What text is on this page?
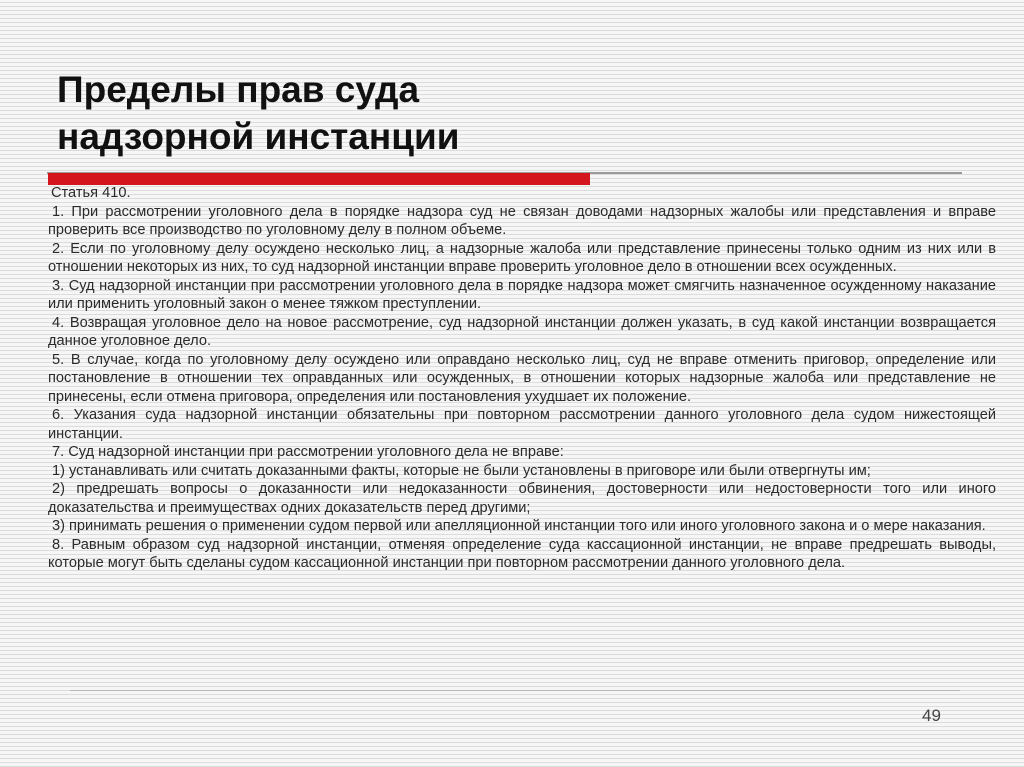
Пределы прав суда
надзорной инстанции

Статья 410.

1. При рассмотрении уголовного дела в порядке надзора суд не связан доводами надзорных жалобы или представления и вправе проверить все производство по уголовному делу в полном объеме.

2. Если по уголовному делу осуждено несколько лиц, а надзорные жалоба или представление принесены только одним из них или в отношении некоторых из них, то суд надзорной инстанции вправе проверить уголовное дело в отношении всех осужденных.

3. Суд надзорной инстанции при рассмотрении уголовного дела в порядке надзора может смягчить назначенное осужденному наказание или применить уголовный закон о менее тяжком преступлении.

4. Возвращая уголовное дело на новое рассмотрение, суд надзорной инстанции должен указать, в суд какой инстанции возвращается данное уголовное дело.

5. В случае, когда по уголовному делу осуждено или оправдано несколько лиц, суд не вправе отменить приговор, определение или постановление в отношении тех оправданных или осужденных, в отношении которых надзорные жалоба или представление не принесены, если отмена приговора, определения или постановления ухудшает их положение.

6. Указания суда надзорной инстанции обязательны при повторном рассмотрении данного уголовного дела судом нижестоящей инстанции.

7. Суд надзорной инстанции при рассмотрении уголовного дела не вправе:

1) устанавливать или считать доказанными факты, которые не были установлены в приговоре или были отвергнуты им;

2) предрешать вопросы о доказанности или недоказанности обвинения, достоверности или недостоверности того или иного доказательства и преимуществах одних доказательств перед другими;

3) принимать решения о применении судом первой или апелляционной инстанции того или иного уголовного закона и о мере наказания.

8. Равным образом суд надзорной инстанции, отменяя определение суда кассационной инстанции, не вправе предрешать выводы, которые могут быть сделаны судом кассационной инстанции при повторном рассмотрении данного уголовного дела.

49
